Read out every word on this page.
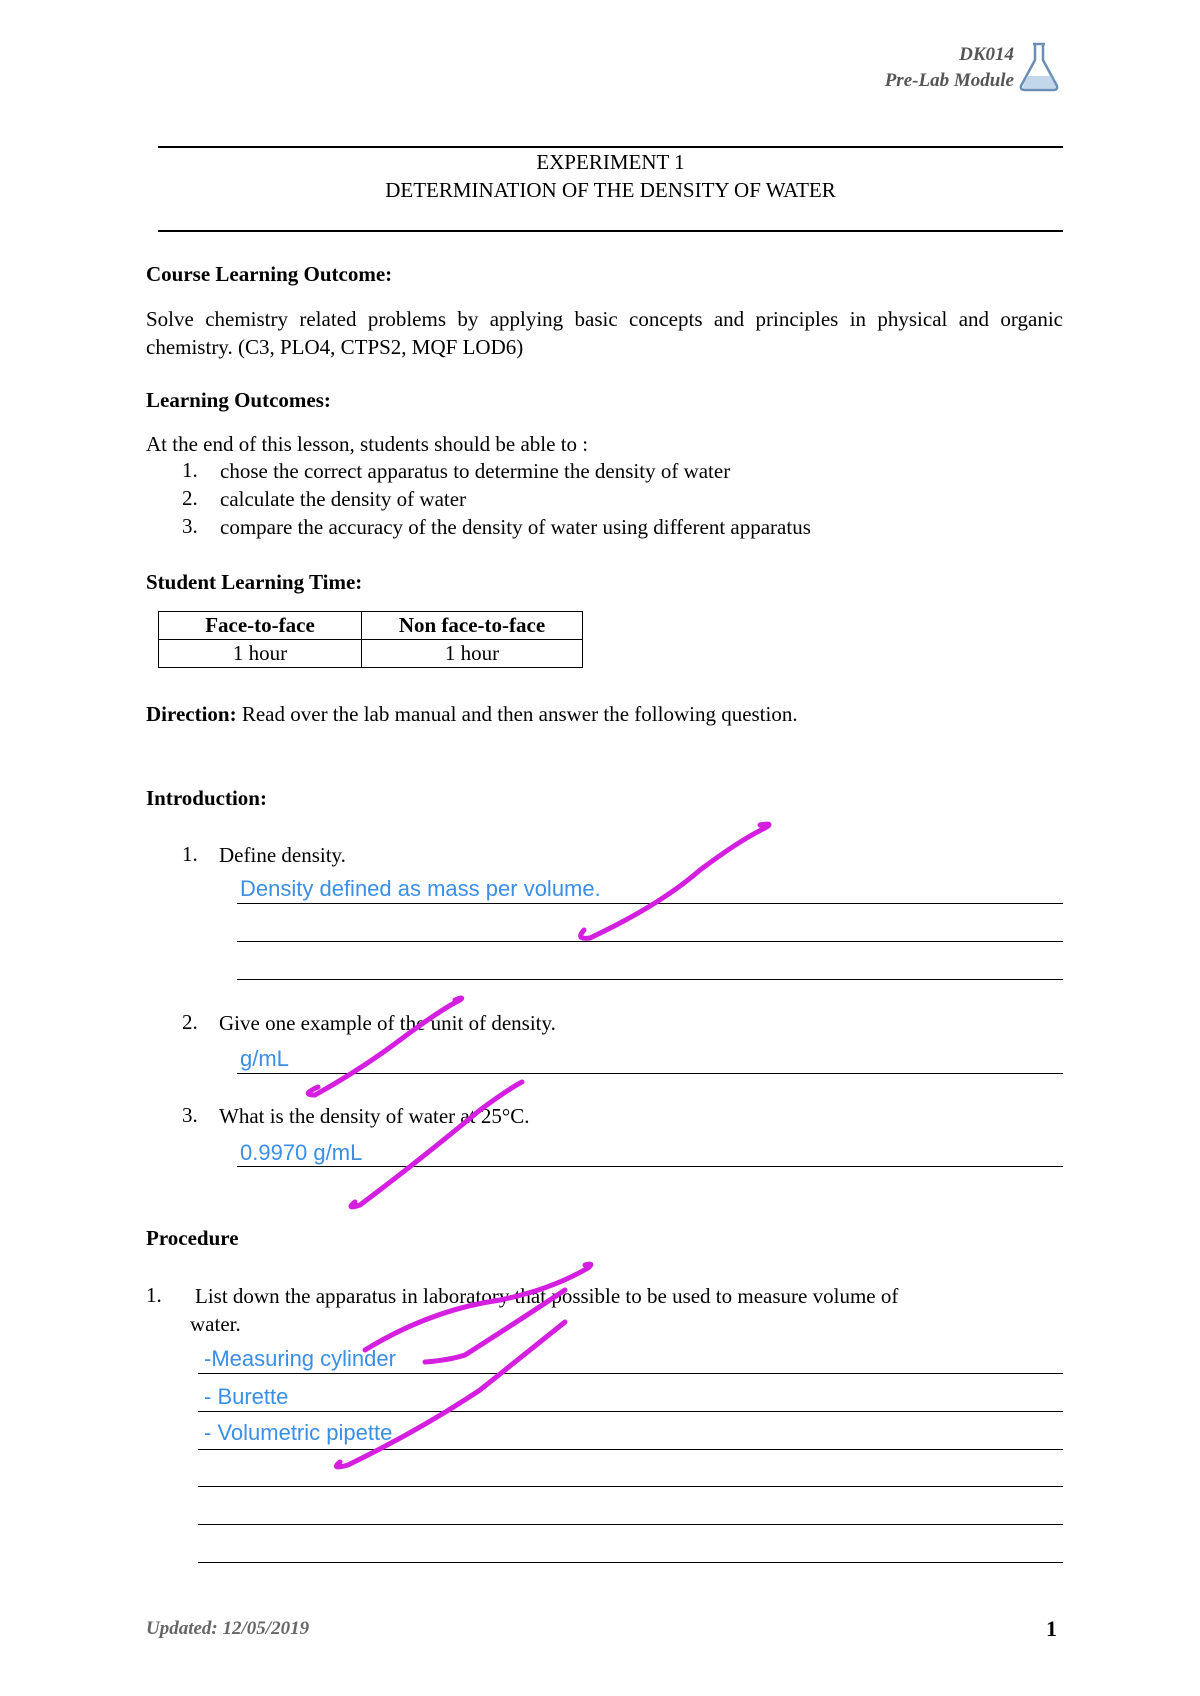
DK014
Pre-Lab Module
EXPERIMENT 1
DETERMINATION OF THE DENSITY OF WATER
Course Learning Outcome:
Solve chemistry related problems by applying basic concepts and principles in physical and organic chemistry. (C3, PLO4, CTPS2, MQF LOD6)
Learning Outcomes:
At the end of this lesson, students should be able to :
1. chose the correct apparatus to determine the density of water
2. calculate the density of water
3. compare the accuracy of the density of water using different apparatus
Student Learning Time:
Face-to-face	Non face-to-face
1 hour	1 hour
Direction: Read over the lab manual and then answer the following question.
Introduction:
1. Define density.
Density defined as mass per volume.
2. Give one example of the unit of density.
g/mL
3. What is the density of water at 25°C.
0.9970 g/mL
Procedure
1. List down the apparatus in laboratory that possible to be used to measure volume of
water.
-Measuring cylinder
- Burette
- Volumetric pipette
Updated: 12/05/2019	1
